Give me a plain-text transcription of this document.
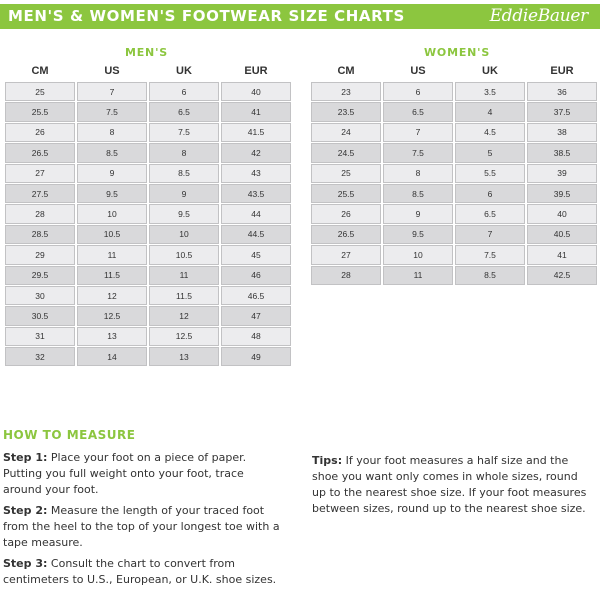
MEN'S & WOMEN'S FOOTWEAR SIZE CHARTS	EddieBauer
MEN'S
CM	US	UK	EUR
25	7	6	40
25.5	7.5	6.5	41
26	8	7.5	41.5
26.5	8.5	8	42
27	9	8.5	43
27.5	9.5	9	43.5
28	10	9.5	44
28.5	10.5	10	44.5
29	11	10.5	45
29.5	11.5	11	46
30	12	11.5	46.5
30.5	12.5	12	47
31	13	12.5	48
32	14	13	49
WOMEN'S
CM	US	UK	EUR
23	6	3.5	36
23.5	6.5	4	37.5
24	7	4.5	38
24.5	7.5	5	38.5
25	8	5.5	39
25.5	8.5	6	39.5
26	9	6.5	40
26.5	9.5	7	40.5
27	10	7.5	41
28	11	8.5	42.5
HOW TO MEASURE

Step 1: Place your foot on a piece of paper. Putting you full weight onto your foot, trace around your foot.

Step 2: Measure the length of your traced foot from the heel to the top of your longest toe with a tape measure.

Step 3: Consult the chart to convert from centimeters to U.S., European, or U.K. shoe sizes.

Tips: If your foot measures a half size and the shoe you want only comes in whole sizes, round up to the nearest shoe size. If your foot measures between sizes, round up to the nearest shoe size.
